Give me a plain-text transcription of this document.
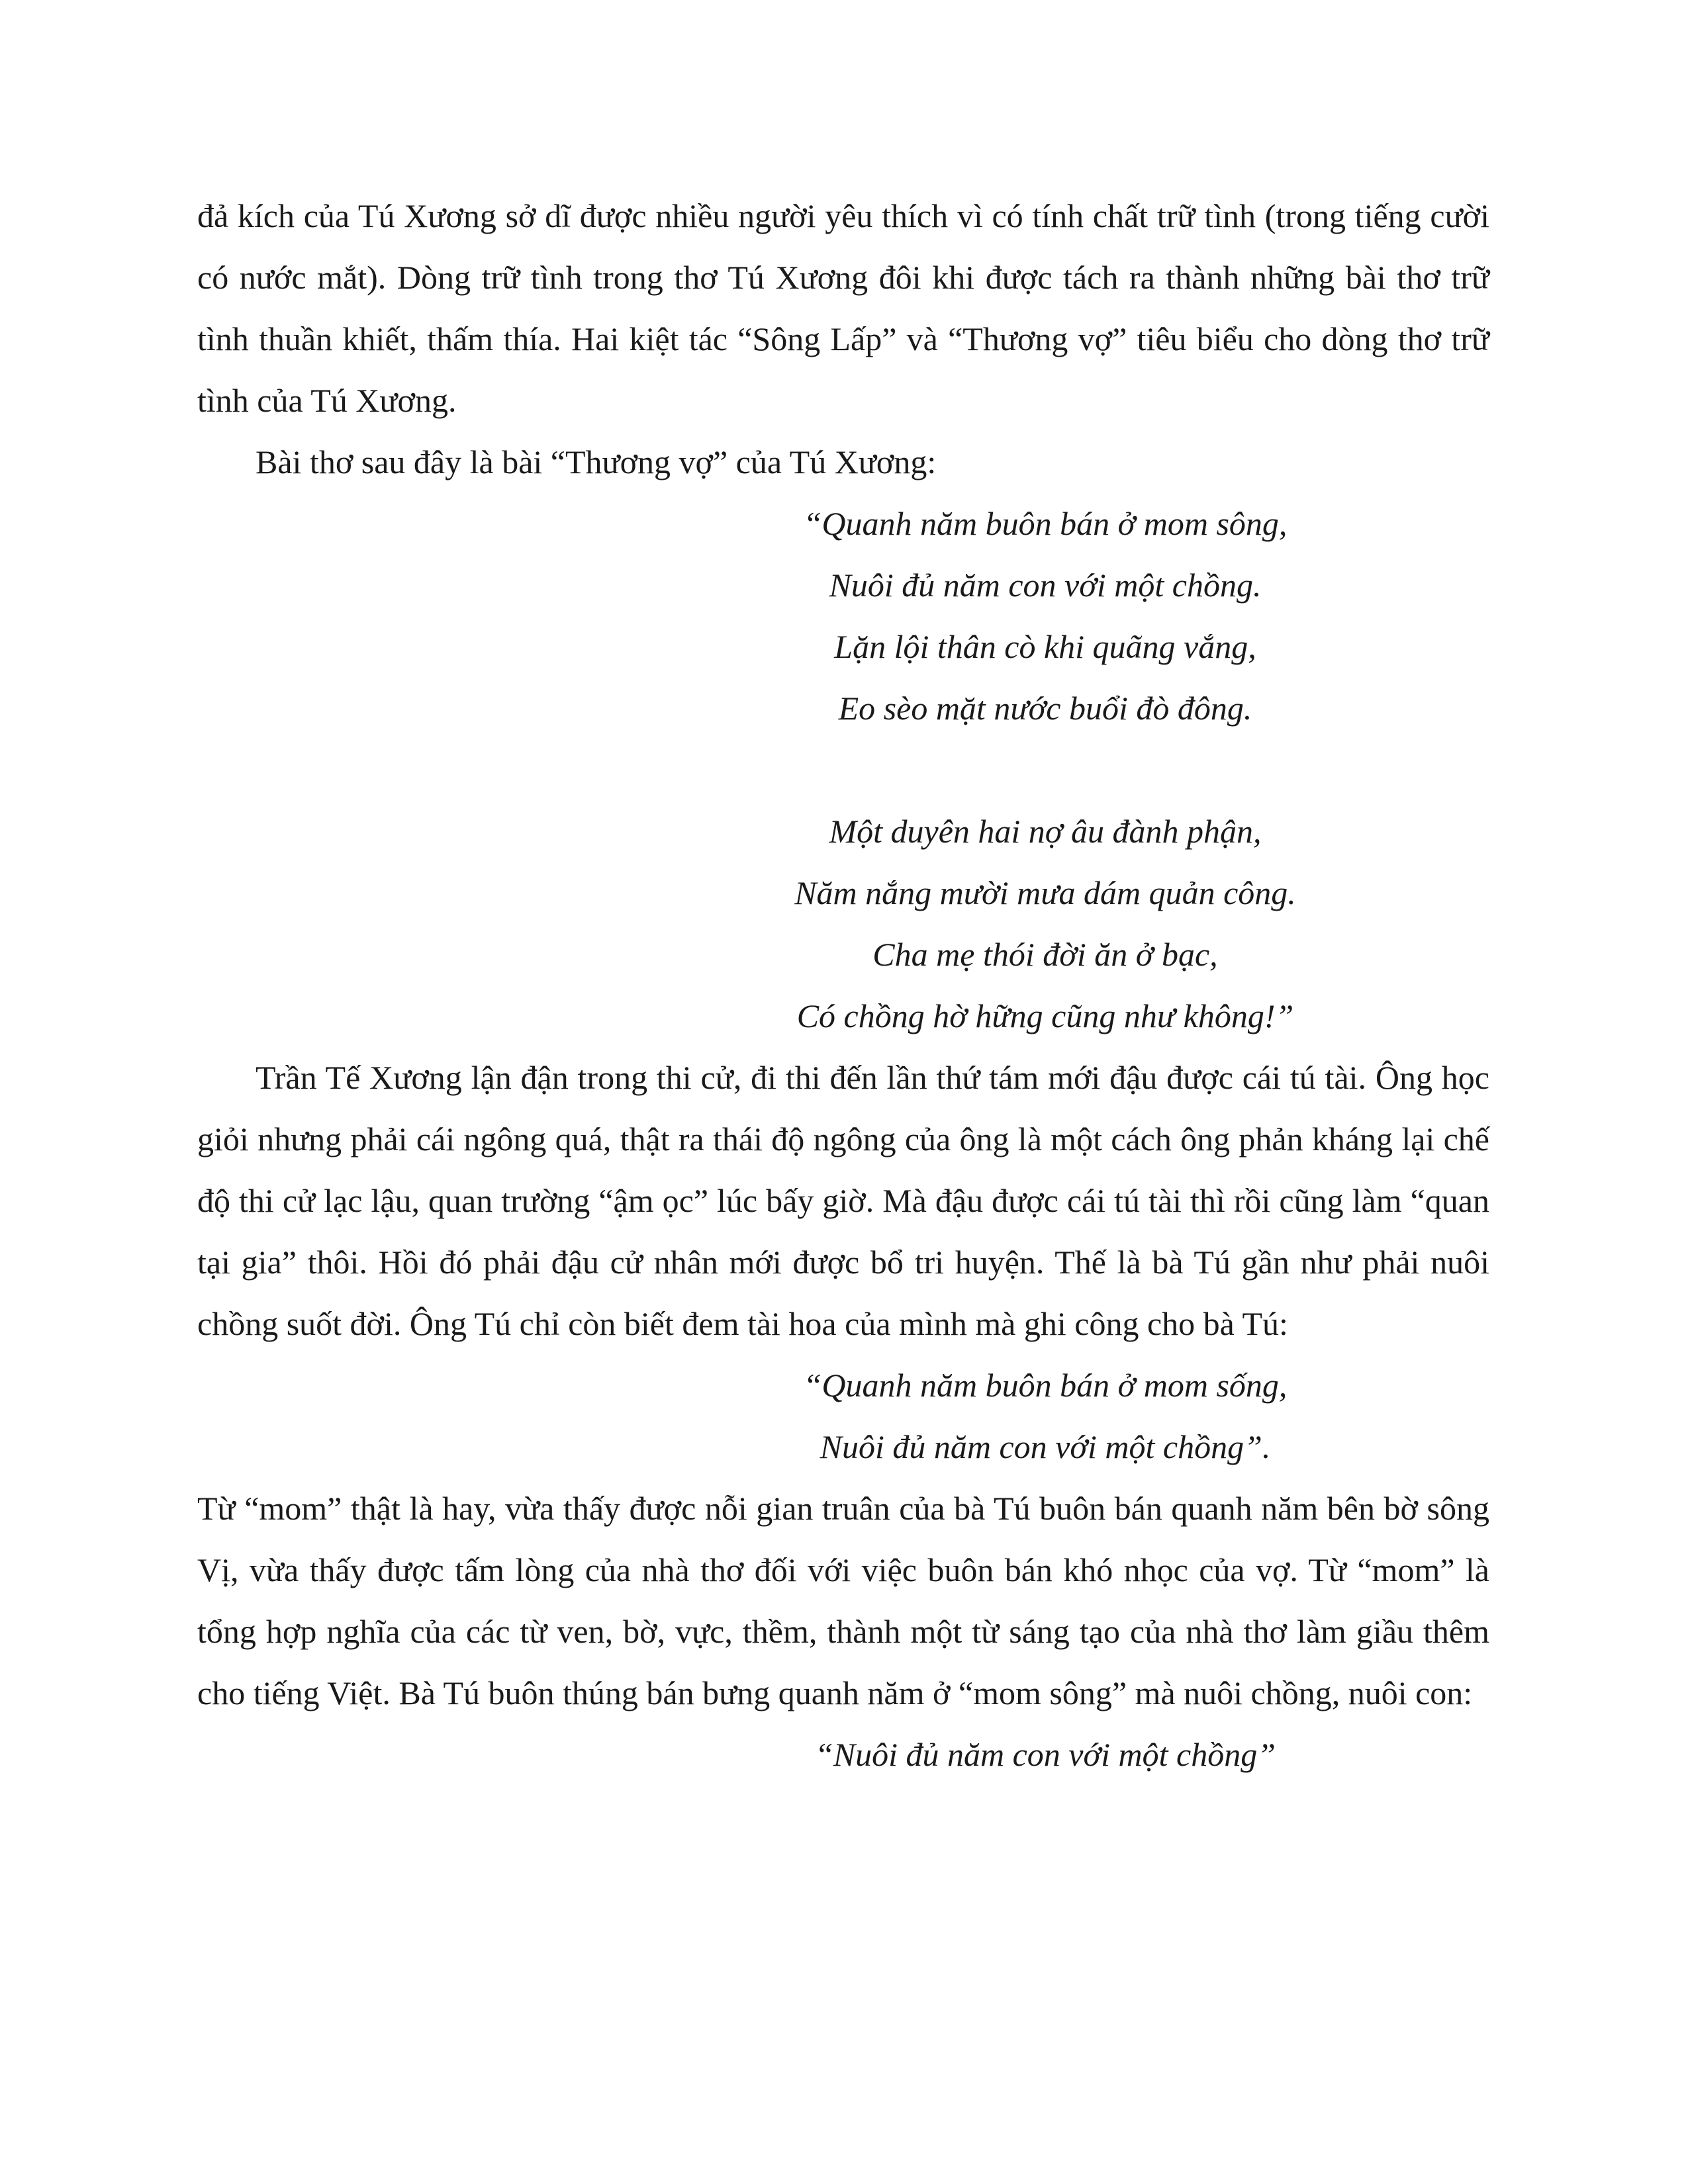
đả kích của Tú Xương sở dĩ được nhiều người yêu thích vì có tính chất trữ tình (trong tiếng cười có nước mắt). Dòng trữ tình trong thơ Tú Xương đôi khi được tách ra thành những bài thơ trữ tình thuần khiết, thấm thía. Hai kiệt tác “Sông Lấp” và “Thương vợ” tiêu biểu cho dòng thơ trữ tình của Tú Xương.

Bài thơ sau đây là bài “Thương vợ” của Tú Xương:

“Quanh năm buôn bán ở mom sông,
Nuôi đủ năm con với một chồng.
Lặn lội thân cò khi quãng vắng,
Eo sèo mặt nước buổi đò đông.
Một duyên hai nợ âu đành phận,
Năm nắng mười mưa dám quản công.
Cha mẹ thói đời ăn ở bạc,
Có chồng hờ hững cũng như không!”

Trần Tế Xương lận đận trong thi cử, đi thi đến lần thứ tám mới đậu được cái tú tài. Ông học giỏi nhưng phải cái ngông quá, thật ra thái độ ngông của ông là một cách ông phản kháng lại chế độ thi cử lạc lậu, quan trường “ậm ọc” lúc bấy giờ. Mà đậu được cái tú tài thì rồi cũng làm “quan tại gia” thôi. Hồi đó phải đậu cử nhân mới được bổ tri huyện. Thế là bà Tú gần như phải nuôi chồng suốt đời. Ông Tú chỉ còn biết đem tài hoa của mình mà ghi công cho bà Tú:

“Quanh năm buôn bán ở mom sống,
Nuôi đủ năm con với một chồng”.

Từ “mom” thật là hay, vừa thấy được nỗi gian truân của bà Tú buôn bán quanh năm bên bờ sông Vị, vừa thấy được tấm lòng của nhà thơ đối với việc buôn bán khó nhọc của vợ. Từ “mom” là tổng hợp nghĩa của các từ ven, bờ, vực, thềm, thành một từ sáng tạo của nhà thơ làm giầu thêm cho tiếng Việt. Bà Tú buôn thúng bán bưng quanh năm ở “mom sông” mà nuôi chồng, nuôi con:

“Nuôi đủ năm con với một chồng”
